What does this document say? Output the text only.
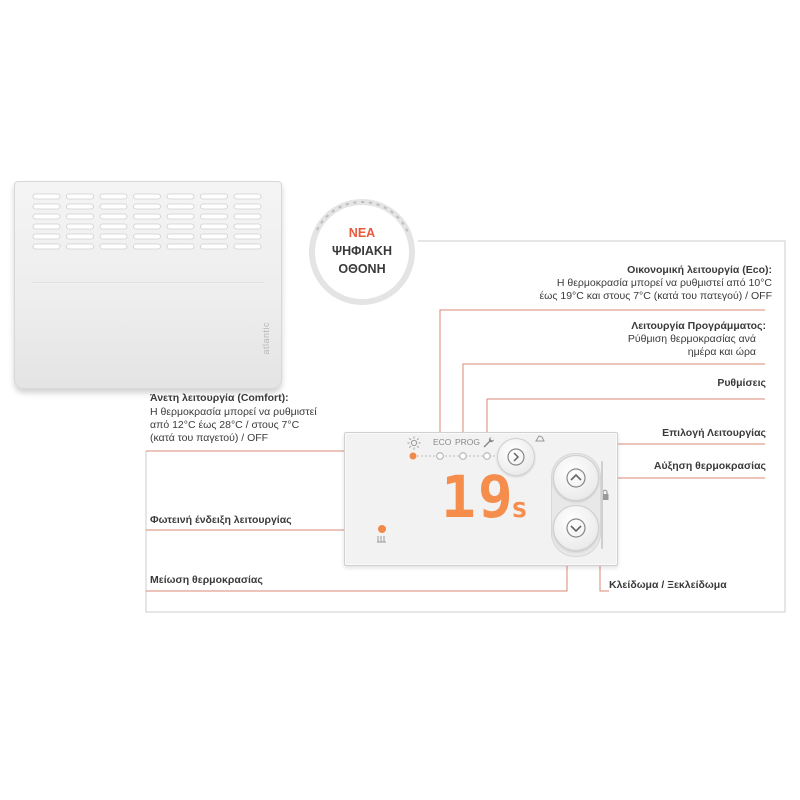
atlantic
ΝΕΑ
ΨΗΦΙΑΚΗ
ΟΘΟΝΗ
ECO PROG
19
s
Οικονομική λειτουργία (Eco):
Η θερμοκρασία μπορεί να ρυθμιστεί από 10°C
έως 19°C και στους 7°C (κατά του πατεγού) / OFF
Λειτουργία Προγράμματος:
Ρύθμιση θερμοκρασίας ανά
ημέρα και ώρα
Ρυθμίσεις
Επιλογή Λειτουργίας
Αύξηση θερμοκρασίας
Κλείδωμα / Ξεκλείδωμα
Άνετη λειτουργία (Comfort):
Η θερμοκρασία μπορεί να ρυθμιστεί
από 12°C έως 28°C / στους 7°C
(κατά του παγετού) / OFF
Φωτεινή ένδειξη λειτουργίας
Μείωση θερμοκρασίας
